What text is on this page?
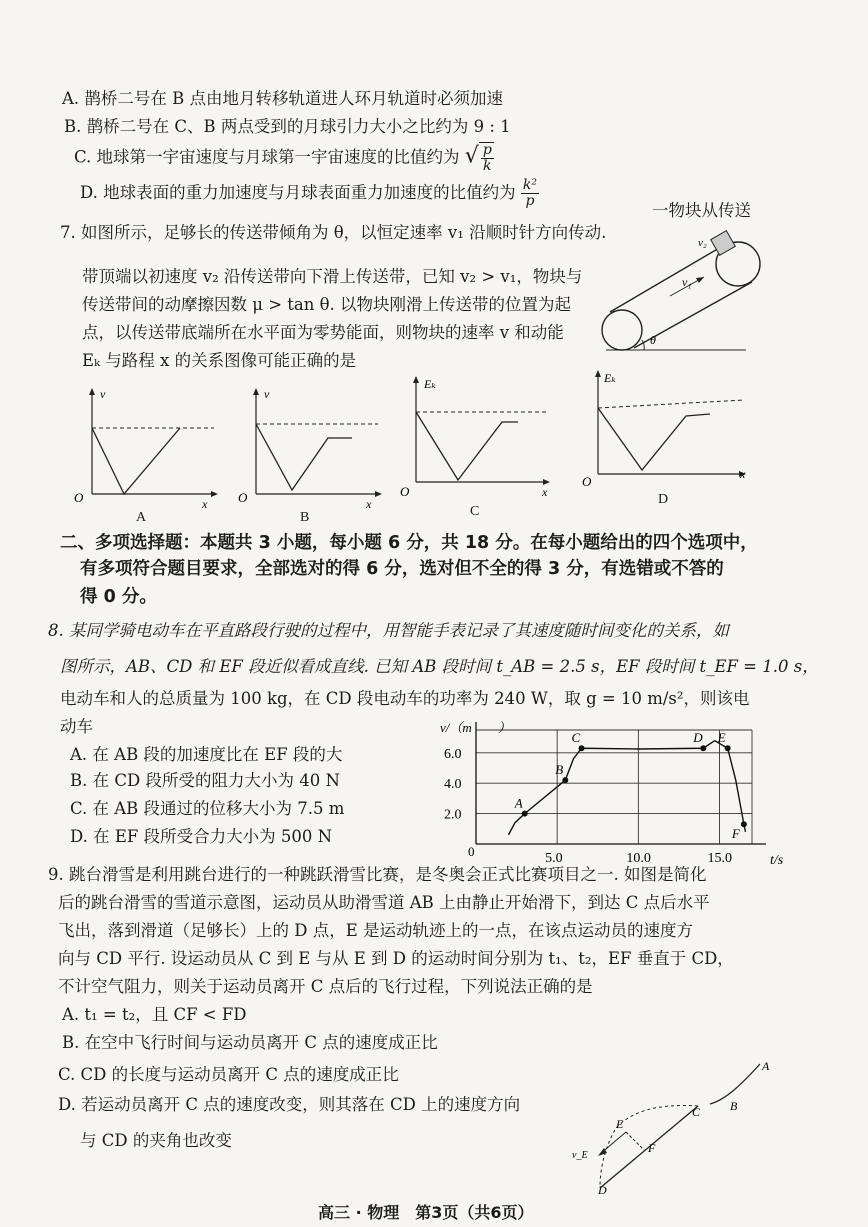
A. 鹊桥二号在 B 点由地月转移轨道进人环月轨道时必须加速
B. 鹊桥二号在 C、B 两点受到的月球引力大小之比约为 9 : 1
C. 地球第一宇宙速度与月球第一宇宙速度的比值约为 √ $\frac{p}{k}$
D. 地球表面的重力加速度与月球表面重力加速度的比值约为 $\frac{\text{k²}}{p}$
7. 如图所示，足够长的传送带倾角为 θ，以恒定速率 v₁ 沿顺时针方向传动.
一物块从传送
带顶端以初速度 v₂ 沿传送带向下滑上传送带，已知 v₂ > v₁，物块与
传送带间的动摩擦因数 μ > tan θ. 以物块刚滑上传送带的位置为起
点，以传送带底端所在水平面为零势能面，则物块的速率 v 和动能
Eₖ 与路程 x 的关系图像可能正确的是
v₁
v₂
θ
v
x
O
A
v
x
O
B
Eₖ
x
O
C
Eₖ
x
O
D
二、多项选择题：本题共 3 小题，每小题 6 分，共 18 分。在每小题给出的四个选项中，
有多项符合题目要求，全部选对的得 6 分，选对但不全的得 3 分，有选错或不答的
得 0 分。
8. 某同学骑电动车在平直路段行驶的过程中，用智能手表记录了其速度随时间变化的关系，如
图所示，AB、CD 和 EF 段近似看成直线. 已知 AB 段时间 t_AB = 2.5 s，EF 段时间 t_EF = 1.0 s，
电动车和人的总质量为 100 kg，在 CD 段电动车的功率为 240 W，取 g = 10 m/s²，则该电
动车
A. 在 AB 段的加速度比在 EF 段的大
B. 在 CD 段所受的阻力大小为 40 N
C. 在 AB 段通过的位移大小为 7.5 m
D. 在 EF 段所受合力大小为 500 N
5.0	10.0	15.0
2.0
4.0
6.0
0
v/（m　　）
t/s
A
B
C	D E
F
9. 跳台滑雪是利用跳台进行的一种跳跃滑雪比赛，是冬奥会正式比赛项目之一. 如图是简化
后的跳台滑雪的雪道示意图，运动员从助滑雪道 AB 上由静止开始滑下，到达 C 点后水平
飞出，落到滑道（足够长）上的 D 点，E 是运动轨迹上的一点，在该点运动员的速度方
向与 CD 平行. 设运动员从 C 到 E 与从 E 到 D 的运动时间分别为 t₁、t₂，EF 垂直于 CD，
不计空气阻力，则关于运动员离开 C 点后的飞行过程，下列说法正确的是
A. t₁ = t₂，且 CF < FD
B. 在空中飞行时间与运动员离开 C 点的速度成正比
C. CD 的长度与运动员离开 C 点的速度成正比
D. 若运动员离开 C 点的速度改变，则其落在 CD 上的速度方向
与 CD 的夹角也改变
A
B
C
D
E
F
v_E
高三 · 物理　第3页（共6页）
